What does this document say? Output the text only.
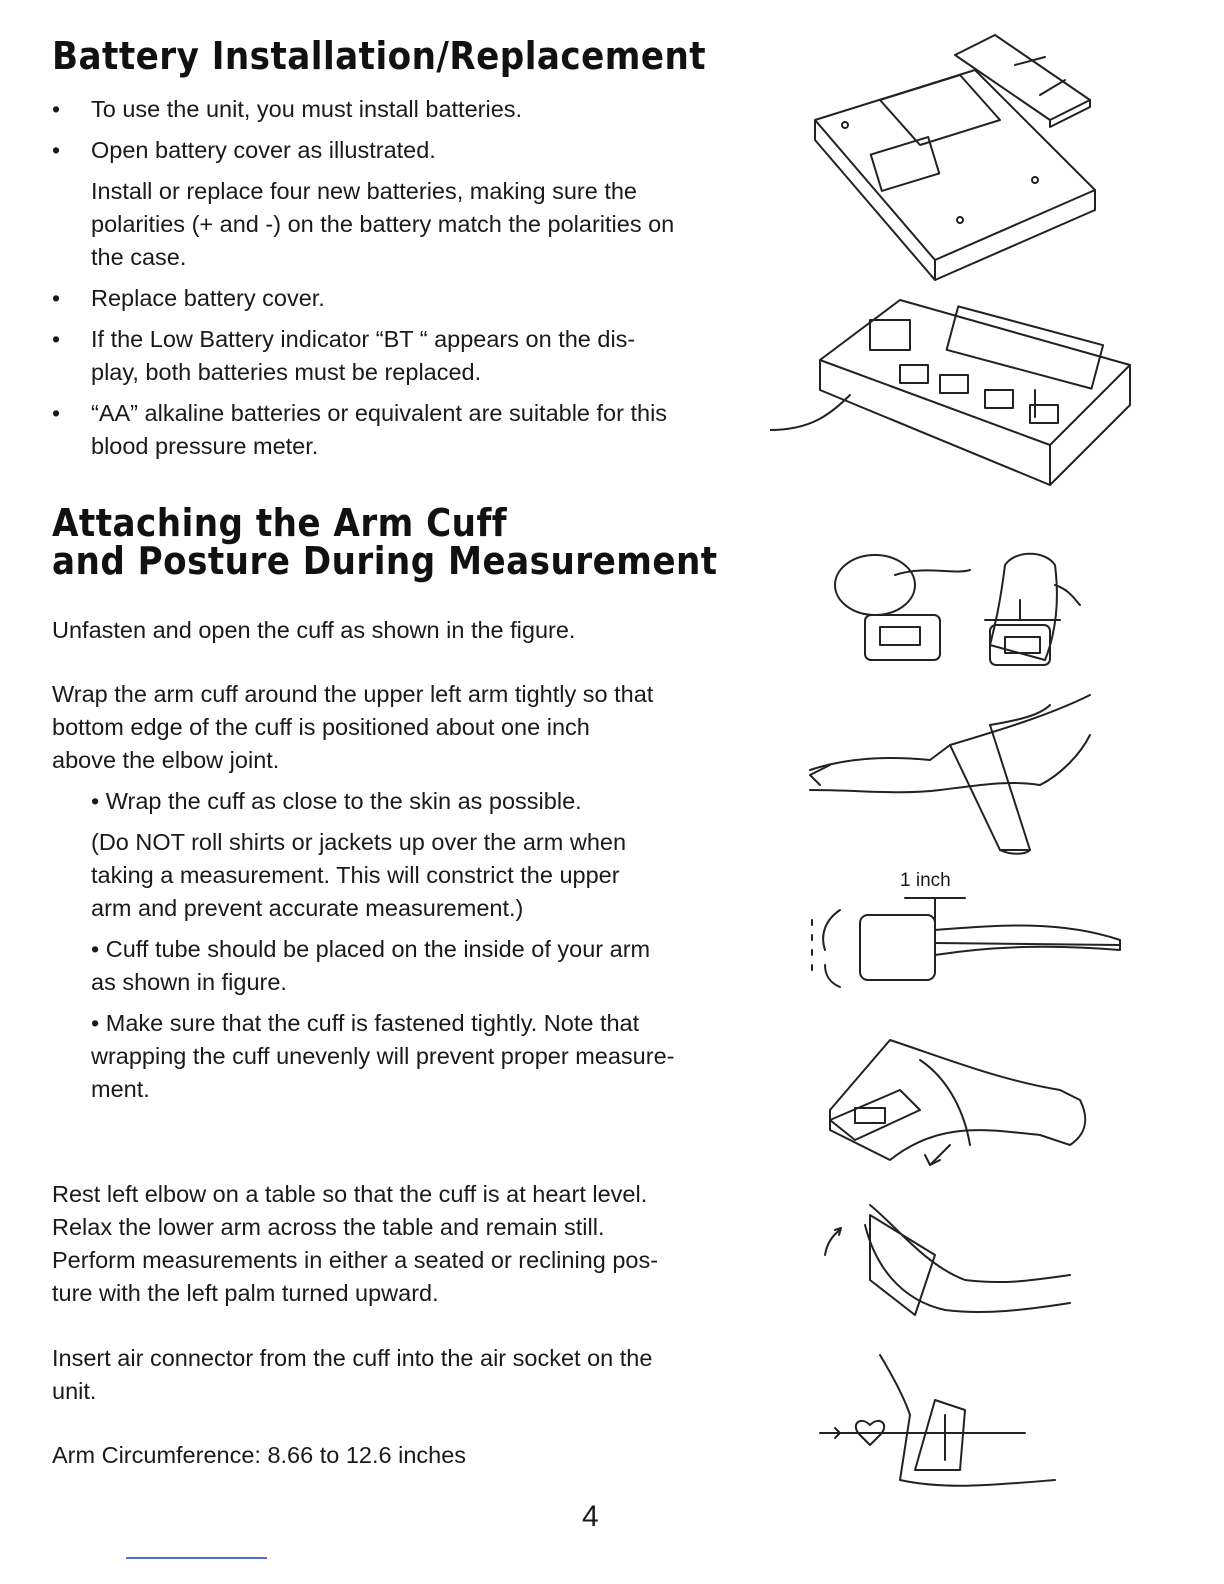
Battery Installation/Replacement
• To use the unit, you must install batteries.

• Open battery cover as illustrated.

Install or replace four new batteries, making sure the

polarities (+ and -) on the battery match the polarities on

the case.

• Replace battery cover.

• If the Low Battery indicator “BT “ appears on the dis-

play, both batteries must be replaced.

• “AA” alkaline batteries or equivalent are suitable for this

blood pressure meter.

Attaching the Arm Cuff
and Posture During Measurement

Unfasten and open the cuff as shown in the figure.

Wrap the arm cuff around the upper left arm tightly so that

bottom edge of the cuff is positioned about one inch

above the elbow joint.

• Wrap the cuff as close to the skin as possible.

(Do NOT roll shirts or jackets up over the arm when

taking a measurement. This will constrict the upper

arm and prevent accurate measurement.)

• Cuff tube should be placed on the inside of your arm

as shown in figure.

• Make sure that the cuff is fastened tightly. Note that

wrapping the cuff unevenly will prevent proper measure-

ment.

Rest left elbow on a table so that the cuff is at heart level.

Relax the lower arm across the table and remain still.

Perform measurements in either a seated or reclining pos-

ture with the left palm turned upward.

Insert air connector from the cuff into the air socket on the

unit.

Arm Circumference: 8.66 to 12.6 inches

4
1 inch
